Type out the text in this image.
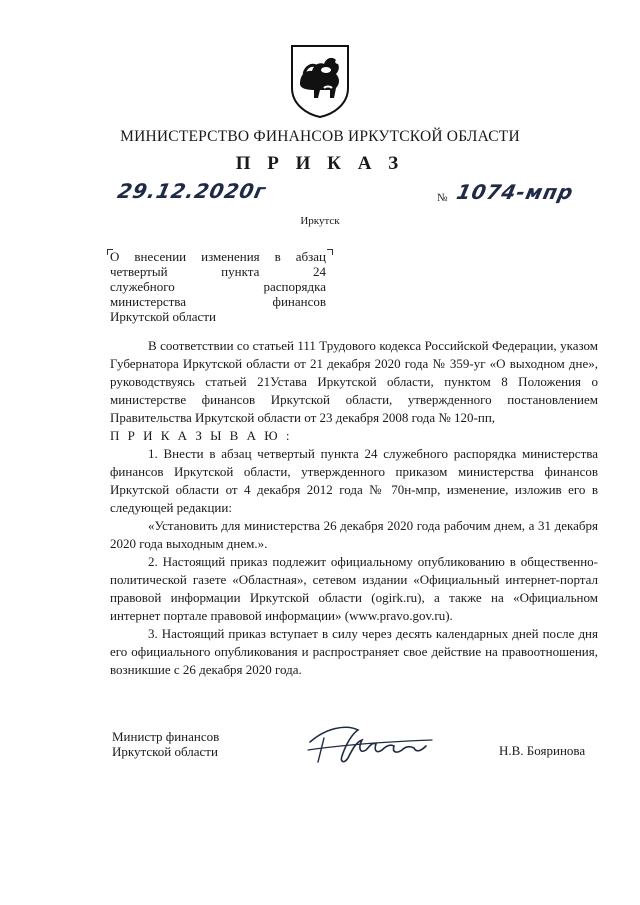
МИНИСТЕРСТВО ФИНАНСОВ ИРКУТСКОЙ ОБЛАСТИ
П Р И К А З
29.12.2020г	№ 1074-мпр
Иркутск
О внесении изменения в абзац
четвертый пункта 24
служебного распорядка
министерства финансов
Иркутской области

В соответствии со статьей 111 Трудового кодекса Российской Федерации, указом Губернатора Иркутской области от 21 декабря 2020 года № 359-уг «О выходном дне», руководствуясь статьей 21Устава Иркутской области, пунктом 8 Положения о министерстве финансов Иркутской области, утвержденного постановлением Правительства Иркутской области от 23 декабря 2008 года № 120-пп,

П Р И К А З Ы В А Ю :

1. Внести в абзац четвертый пункта 24 служебного распорядка министерства финансов Иркутской области, утвержденного приказом министерства финансов Иркутской области от 4 декабря 2012 года № 70н-мпр, изменение, изложив его в следующей редакции:

«Установить для министерства 26 декабря 2020 года рабочим днем, а 31 декабря 2020 года выходным днем.».

2. Настоящий приказ подлежит официальному опубликованию в общественно-политической газете «Областная», сетевом издании «Официальный интернет-портал правовой информации Иркутской области (ogirk.ru), а также на «Официальном интернет портале правовой информации» (www.pravo.gov.ru).

3. Настоящий приказ вступает в силу через десять календарных дней после дня его официального опубликования и распространяет свое действие на правоотношения, возникшие с 26 декабря 2020 года.

Министр финансов
Иркутской области	Н.В. Бояринова
